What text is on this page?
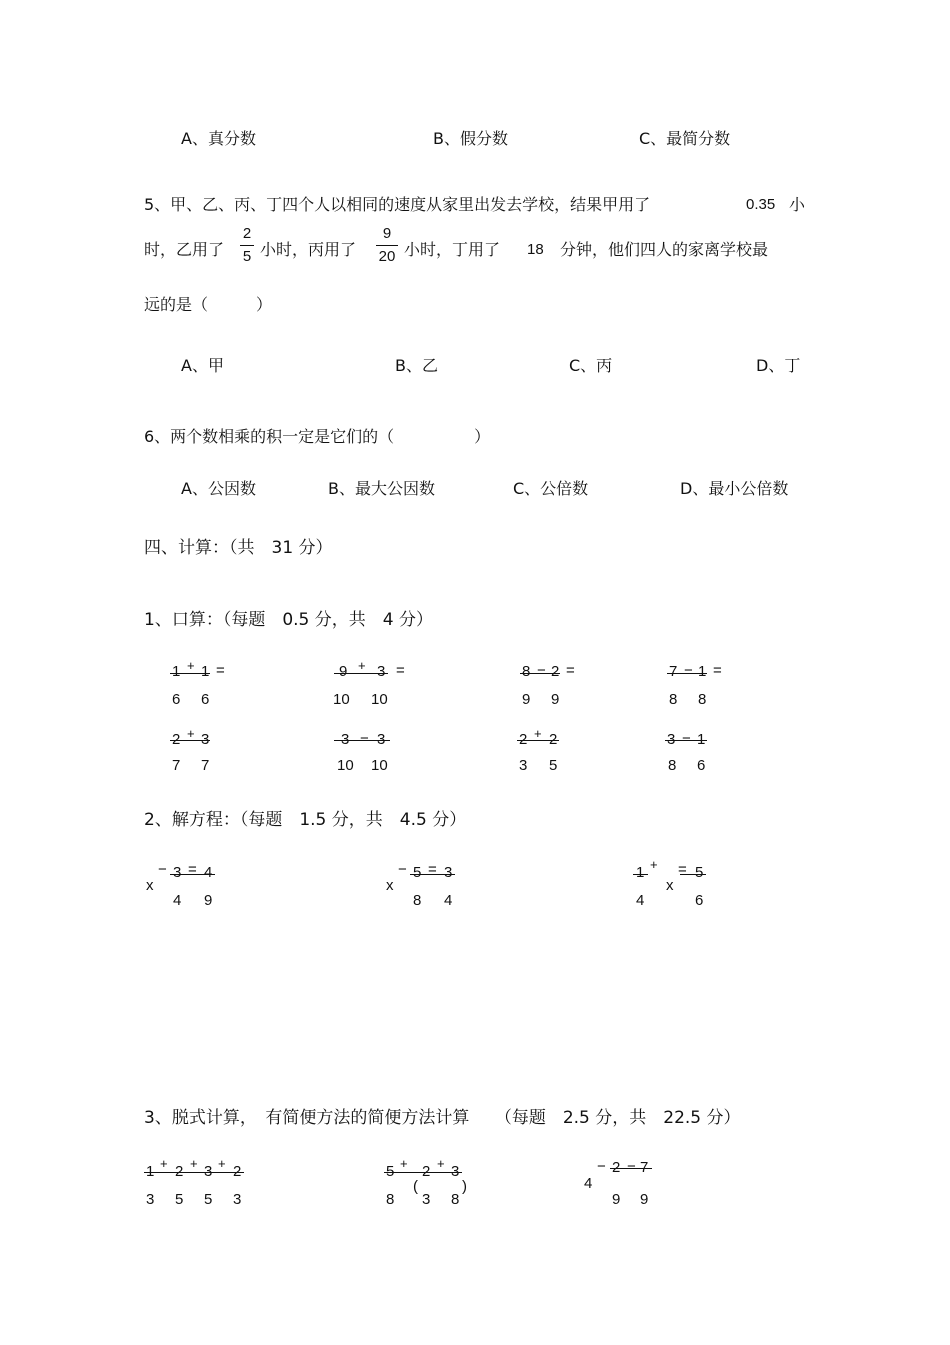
A、真分数	B、假分数	C、最简分数
5、甲、乙、丙、丁四个人以相同的速度从家里出发去学校，结果甲用了	0.35 小
时，乙用了
2
5 小时，丙用了
9
20 小时，丁用了 18 分钟，他们四人的家离学校最
远的是（　　　）
A、甲	B、乙	C、丙	D、丁
6、两个数相乘的积一定是它们的（　　　　　）
A、公因数	B、最大公因数	C、公倍数	D、最小公倍数
四、计算：（共　31 分）
1、口算：（每题　0.5 分，共　4 分）
1 + 1 =
6 6
9 + 3 =
10 10
8 − 2 =
9 9
7 − 1 =
8 8
2 + 3
7 7
3 − 3
10 10
2 + 2
3 5
3 − 1
8 6
2、解方程：（每题　1.5 分，共　4.5 分）
x
− 3 = 4
4 9
x
− 5 = 3
8 4
1 +
x
= 5
4	6
3、脱式计算，　有简便方法的简便方法计算　　（每题　2.5 分，共　22.5 分）
1 + 2 + 3 + 2
3 5 5 3
5 +
(
2 + 3
)
8 3 8
4
− 2 − 7
9 9
